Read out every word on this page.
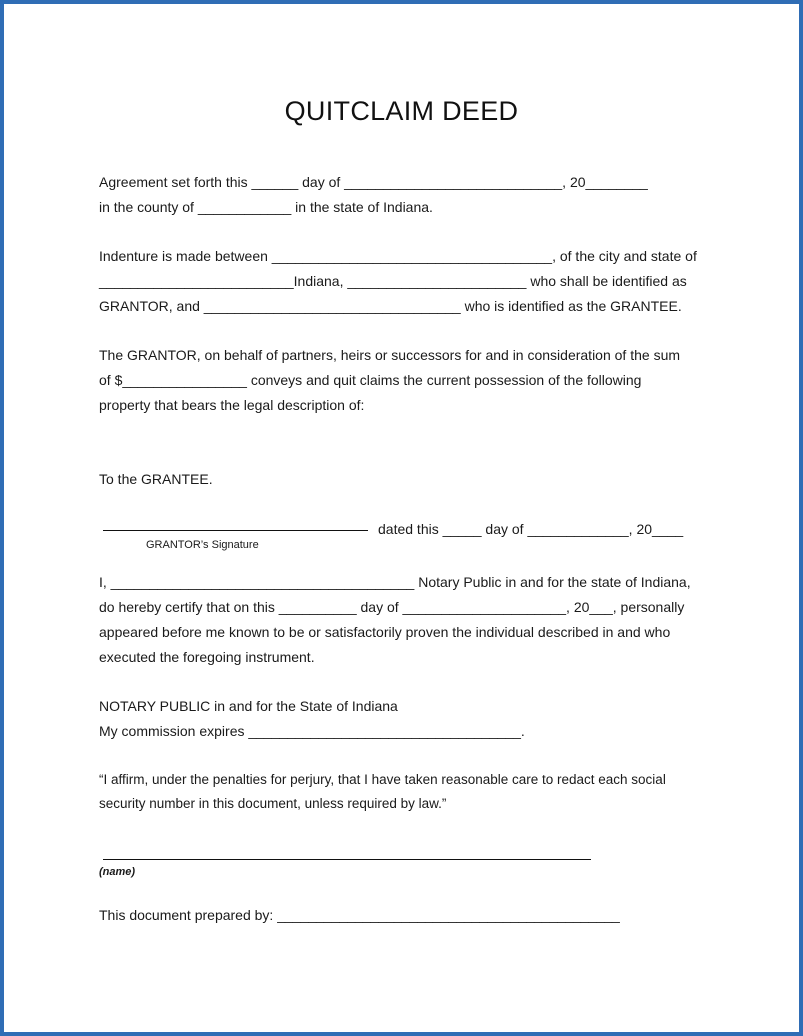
QUITCLAIM DEED
Agreement set forth this ______ day of ____________________________, 20________
in the county of ____________ in the state of Indiana.
Indenture is made between ____________________________________, of the city and state of
_________________________Indiana, _______________________ who shall be identified as
GRANTOR, and _________________________________ who is identified as the GRANTEE.
The GRANTOR, on behalf of partners, heirs or successors for and in consideration of the sum
of $________________ conveys and quit claims the current possession of the following
property that bears the legal description of:
To the GRANTEE.
dated this _____ day of _____________, 20____
GRANTOR’s Signature
I, _______________________________________ Notary Public in and for the state of Indiana,
do hereby certify that on this __________ day of _____________________, 20___, personally
appeared before me known to be or satisfactorily proven the individual described in and who
executed the foregoing instrument.
NOTARY PUBLIC in and for the State of Indiana
My commission expires ___________________________________.
“I affirm, under the penalties for perjury, that I have taken reasonable care to redact each social
security number in this document, unless required by law.”
(name)
This document prepared by: ____________________________________________
